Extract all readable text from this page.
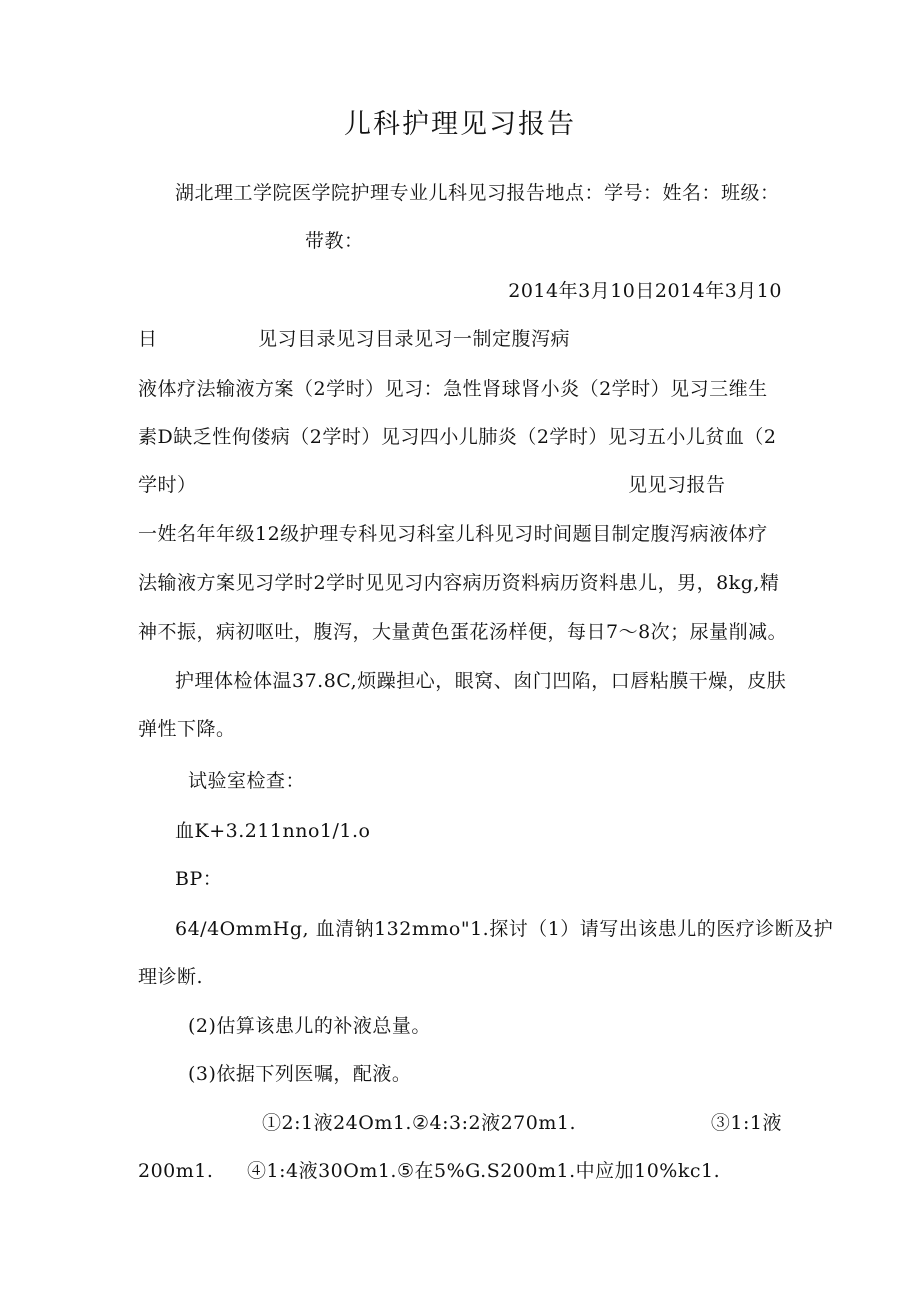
儿科护理见习报告
湖北理工学院医学院护理专业儿科见习报告地点：学号：姓名：班级：
带教：
2014年3月10日2014年3月10
日	见习目录见习目录见习一制定腹泻病
液体疗法输液方案（2学时）见习：急性肾球肾小炎（2学时）见习三维生
素D缺乏性佝偻病（2学时）见习四小儿肺炎（2学时）见习五小儿贫血（2
学时）	见见习报告
一姓名年年级12级护理专科见习科室儿科见习时间题目制定腹泻病液体疗
法输液方案见习学时2学时见见习内容病历资料病历资料患儿，男，8kg,精
神不振，病初呕吐，腹泻，大量黄色蛋花汤样便，每日7〜8次；尿量削减。
护理体检体温37.8C,烦躁担心，眼窝、囱门凹陷，口唇粘膜干燥，皮肤
弹性下降。
试验室检查：
血K+3.211nno1∕1.o
BP：
64/4OmmHg, 血清钠132mmo"1.探讨（1）请写出该患儿的医疗诊断及护
理诊断.
(2)估算该患儿的补液总量。
(3)依据下列医嘱，配液。
①2:1液24Om1.②4:3:2液270m1.	③1:1液
200m1. ④1:4液30Om1.⑤在5%G.S200m1.中应加10%kc1.
